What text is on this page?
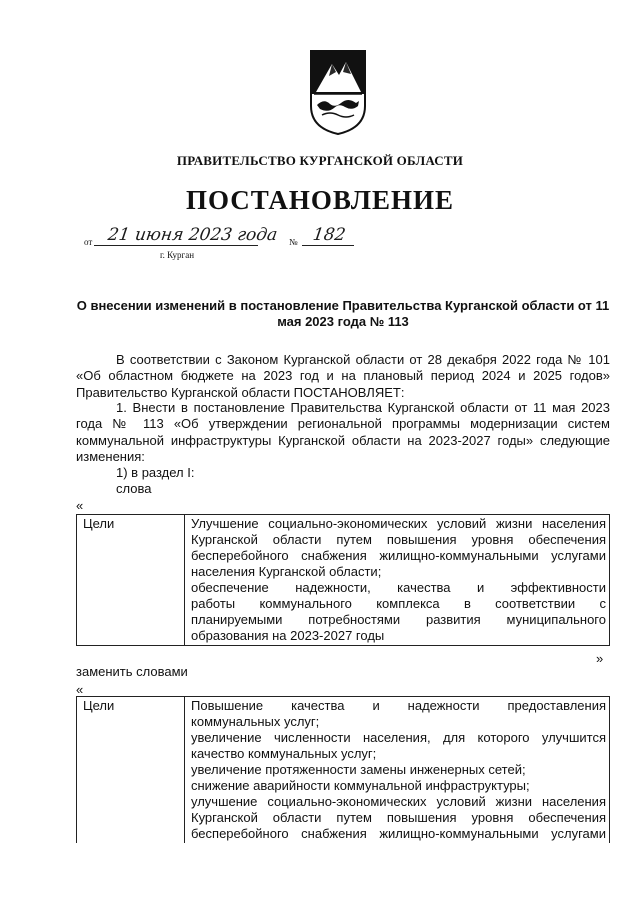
ПРАВИТЕЛЬСТВО КУРГАНСКОЙ ОБЛАСТИ
ПОСТАНОВЛЕНИЕ
от 21 июня 2023 года № 182
г. Курган
О внесении изменений в постановление Правительства Курганской области от 11 мая 2023 года № 113
В соответствии с Законом Курганской области от 28 декабря 2022 года № 101 «Об областном бюджете на 2023 год и на плановый период 2024 и 2025 годов» Правительство Курганской области ПОСТАНОВЛЯЕТ:
1. Внести в постановление Правительства Курганской области от 11 мая 2023 года № 113 «Об утверждении региональной программы модернизации систем коммунальной инфраструктуры Курганской области на 2023-2027 годы» следующие изменения:
1) в раздел I:
слова
«
Цели	Улучшение социально-экономических условий жизни населения
Курганской области путем повышения уровня обеспечения
бесперебойного снабжения жилищно-коммунальными услугами
населения Курганской области;
обеспечение надежности, качества и эффективности
работы коммунального комплекса в соответствии с
планируемыми потребностями развития муниципального
образования на 2023-2027 годы
»
заменить словами
«
Цели	Повышение качества и надежности предоставления
коммунальных услуг;
увеличение численности населения, для которого улучшится
качество коммунальных услуг;
увеличение протяженности замены инженерных сетей;
снижение аварийности коммунальной инфраструктуры;
улучшение социально-экономических условий жизни населения
Курганской области путем повышения уровня обеспечения
бесперебойного снабжения жилищно-коммунальными услугами
